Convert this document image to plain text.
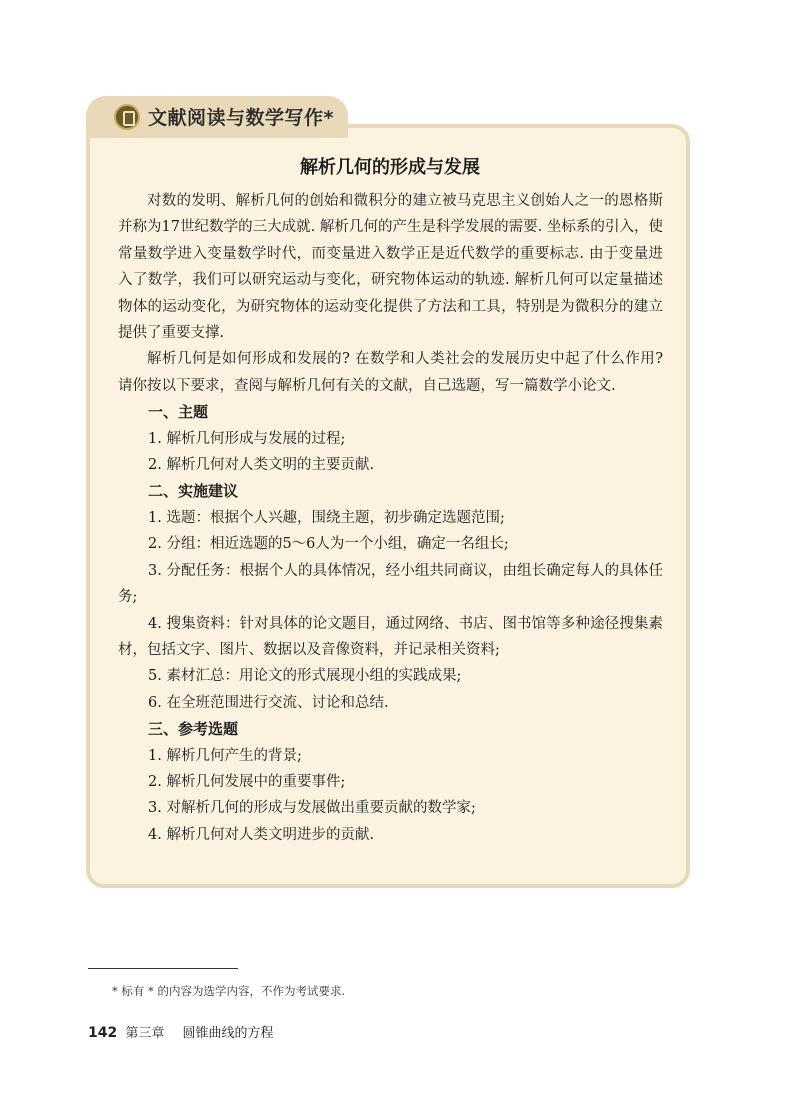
文献阅读与数学写作*
解析几何的形成与发展

对数的发明、解析几何的创始和微积分的建立被马克思主义创始人之一的恩格斯并称为17世纪数学的三大成就. 解析几何的产生是科学发展的需要. 坐标系的引入，使常量数学进入变量数学时代，而变量进入数学正是近代数学的重要标志. 由于变量进入了数学，我们可以研究运动与变化，研究物体运动的轨迹. 解析几何可以定量描述物体的运动变化，为研究物体的运动变化提供了方法和工具，特别是为微积分的建立提供了重要支撑.

解析几何是如何形成和发展的? 在数学和人类社会的发展历史中起了什么作用? 请你按以下要求，查阅与解析几何有关的文献，自己选题，写一篇数学小论文.

一、主题

1. 解析几何形成与发展的过程;

2. 解析几何对人类文明的主要贡献.

二、实施建议

1. 选题：根据个人兴趣，围绕主题，初步确定选题范围;

2. 分组：相近选题的5～6人为一个小组，确定一名组长;

3. 分配任务：根据个人的具体情况，经小组共同商议，由组长确定每人的具体任务;

4. 搜集资料：针对具体的论文题目，通过网络、书店、图书馆等多种途径搜集素材，包括文字、图片、数据以及音像资料，并记录相关资料;

5. 素材汇总：用论文的形式展现小组的实践成果;

6. 在全班范围进行交流、讨论和总结.

三、参考选题

1. 解析几何产生的背景;

2. 解析几何发展中的重要事件;

3. 对解析几何的形成与发展做出重要贡献的数学家;

4. 解析几何对人类文明进步的贡献.

* 标有 * 的内容为选学内容，不作为考试要求.
142 第三章 圆锥曲线的方程
